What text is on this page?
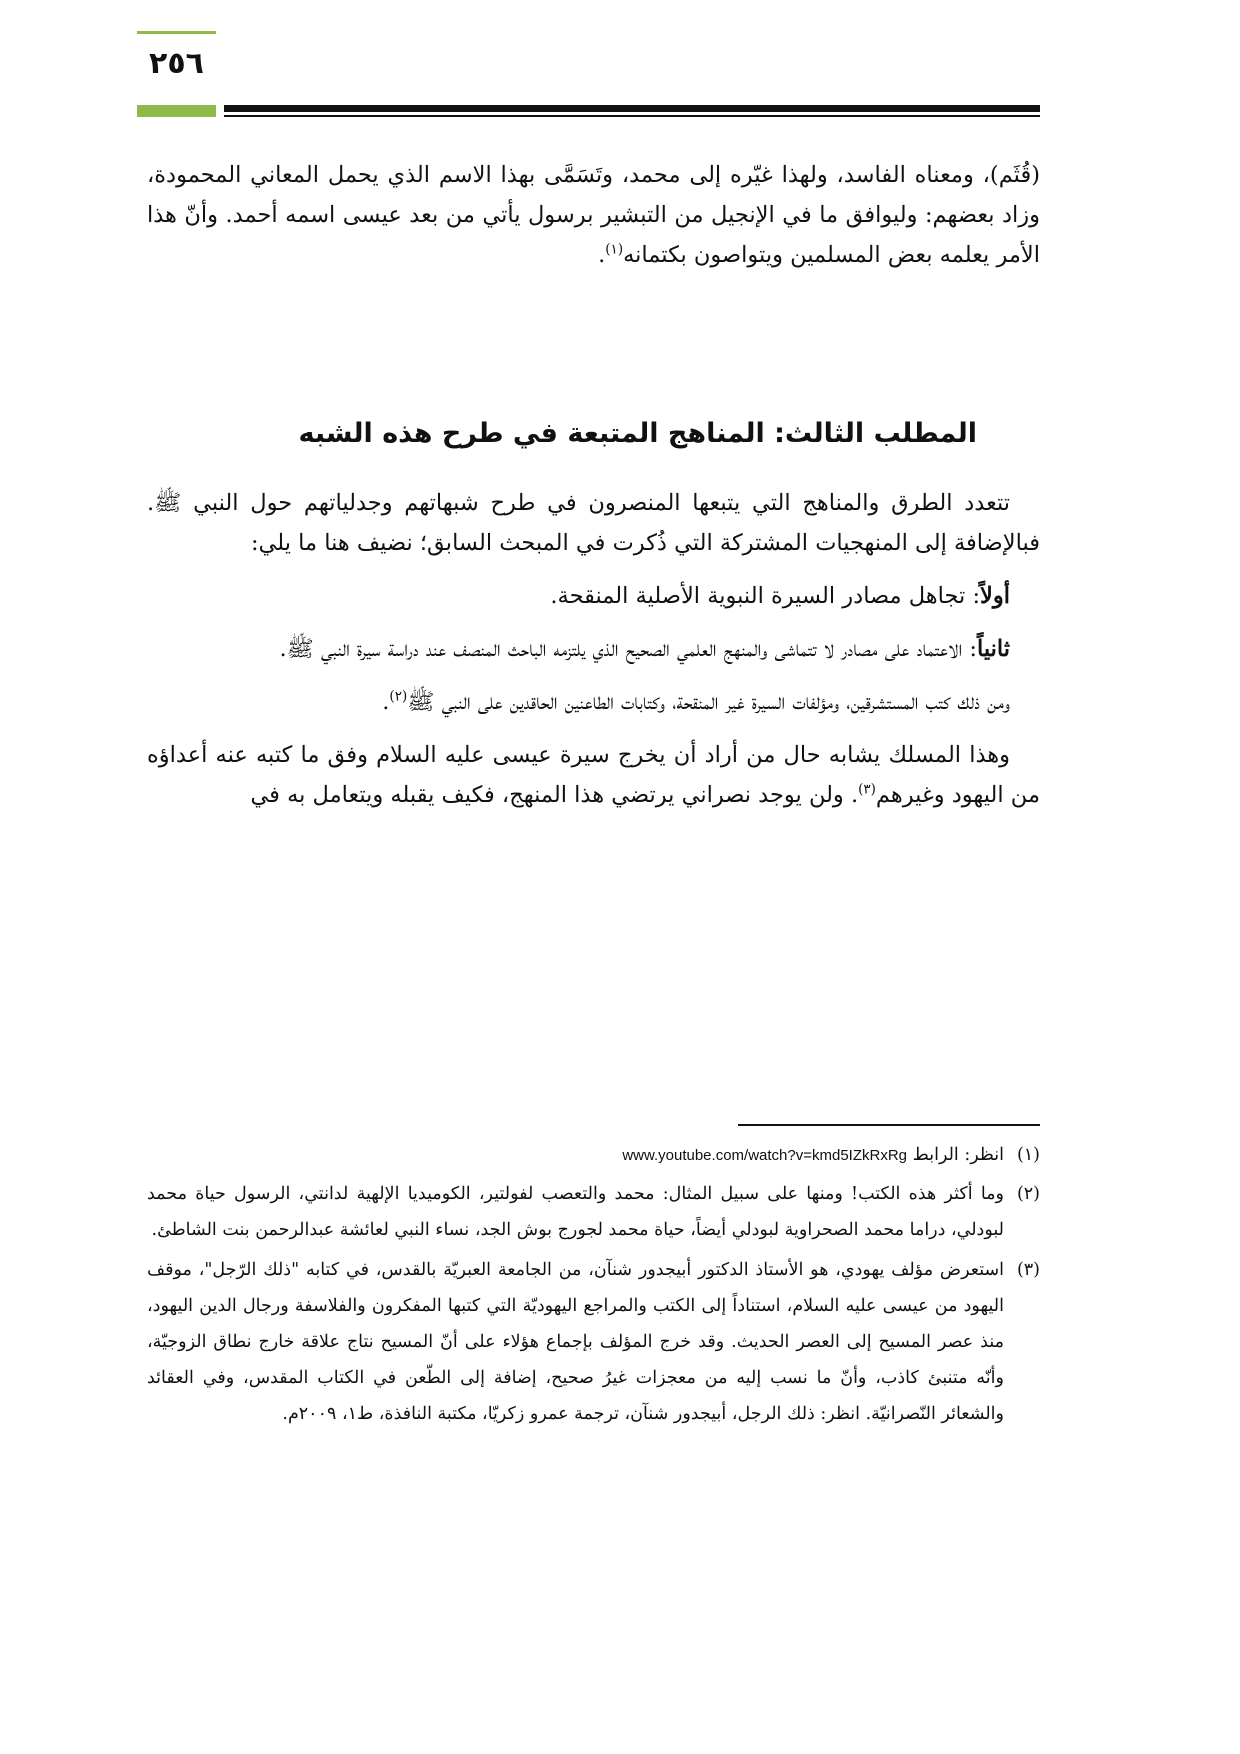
٢٥٦

(قُثَم)، ومعناه الفاسد، ولهذا غيّره إلى محمد، وتَسَمَّى بهذا الاسم الذي يحمل المعاني المحمودة، وزاد بعضهم: وليوافق ما في الإنجيل من التبشير برسول يأتي من بعد عيسى اسمه أحمد. وأنّ هذا الأمر يعلمه بعض المسلمين ويتواصون بكتمانه$^{(١)}$.

المطلب الثالث: المناهج المتبعة في طرح هذه الشبه

تتعدد الطرق والمناهج التي يتبعها المنصرون في طرح شبهاتهم وجدلياتهم حول النبي ﷺ. فبالإضافة إلى المنهجيات المشتركة التي ذُكرت في المبحث السابق؛ نضيف هنا ما يلي:

أولاً: تجاهل مصادر السيرة النبوية الأصلية المنقحة.

ثانياً: الاعتماد على مصادر لا تتماشى والمنهج العلمي الصحيح الذي يلتزمه الباحث المنصف عند دراسة سيرة النبي ﷺ.

ومن ذلك كتب المستشرقين، ومؤلفات السيرة غير المنقحة، وكتابات الطاعنين الحاقدين على النبي ﷺ$^{(٢)}$.

وهذا المسلك يشابه حال من أراد أن يخرج سيرة عيسى عليه السلام وفق ما كتبه عنه أعداؤه من اليهود وغيرهم$^{(٣)}$. ولن يوجد نصراني يرتضي هذا المنهج، فكيف يقبله ويتعامل به في

(١)
انظر: الرابط www.youtube.com/watch?v=kmd5IZkRxRg
(٢)
وما أكثر هذه الكتب! ومنها على سبيل المثال: محمد والتعصب لفولتير، الكوميديا الإلهية لدانتي، الرسول حياة محمد لبودلي، دراما محمد الصحراوية لبودلي أيضاً، حياة محمد لجورج بوش الجد، نساء النبي لعائشة عبدالرحمن بنت الشاطئ.
(٣)
استعرض مؤلف يهودي، هو الأستاذ الدكتور أبيجدور شنآن، من الجامعة العبريّة بالقدس، في كتابه "ذلك الرّجل"، موقف اليهود من عيسى عليه السلام، استناداً إلى الكتب والمراجع اليهوديّة التي كتبها المفكرون والفلاسفة ورجال الدين اليهود، منذ عصر المسيح إلى العصر الحديث. وقد خرج المؤلف بإجماع هؤلاء على أنّ المسيح نتاج علاقة خارج نطاق الزوجيّة، وأنّه متنبئ كاذب، وأنّ ما نسب إليه من معجزات غيرُ صحيح، إضافة إلى الطّعن في الكتاب المقدس، وفي العقائد والشعائر النّصرانيّة. انظر: ذلك الرجل، أبيجدور شنآن، ترجمة عمرو زكريّا، مكتبة النافذة، ط١، ٢٠٠٩م.
